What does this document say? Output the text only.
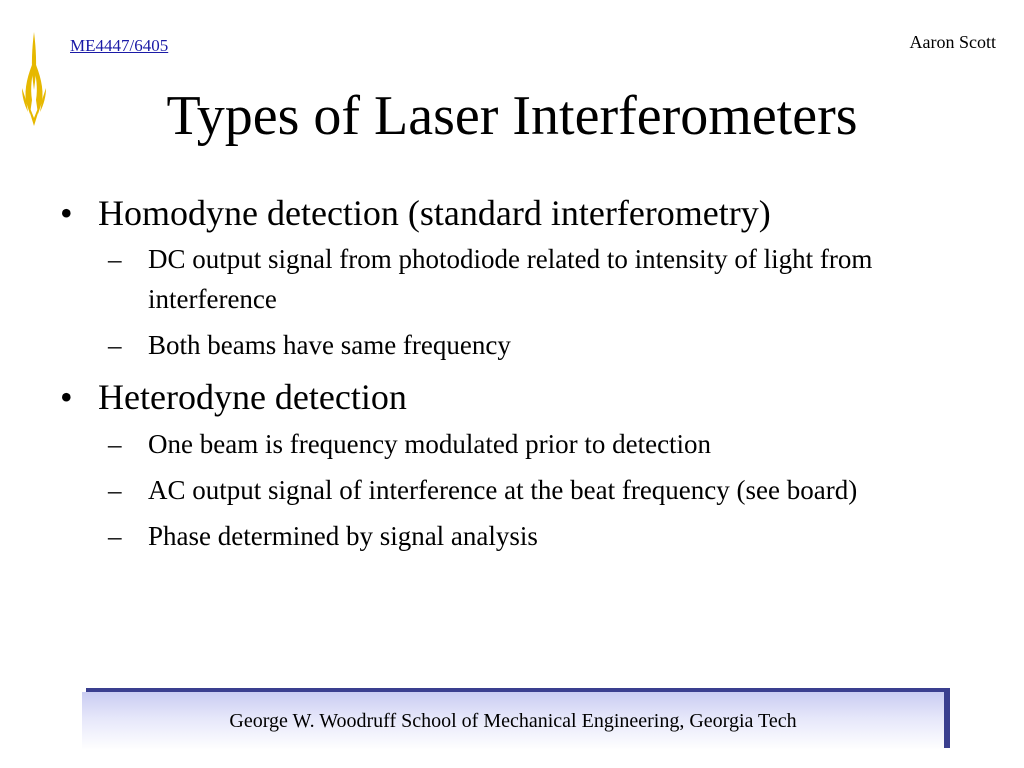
ME4447/6405	Aaron Scott
Types of Laser Interferometers
• Homodyne detection (standard interferometry)
– DC output signal from photodiode related to intensity of light from interference
– Both beams have same frequency
• Heterodyne detection
– One beam is frequency modulated prior to detection
– AC output signal of interference at the beat frequency (see board)
– Phase determined by signal analysis
George W. Woodruff School of Mechanical Engineering, Georgia Tech
